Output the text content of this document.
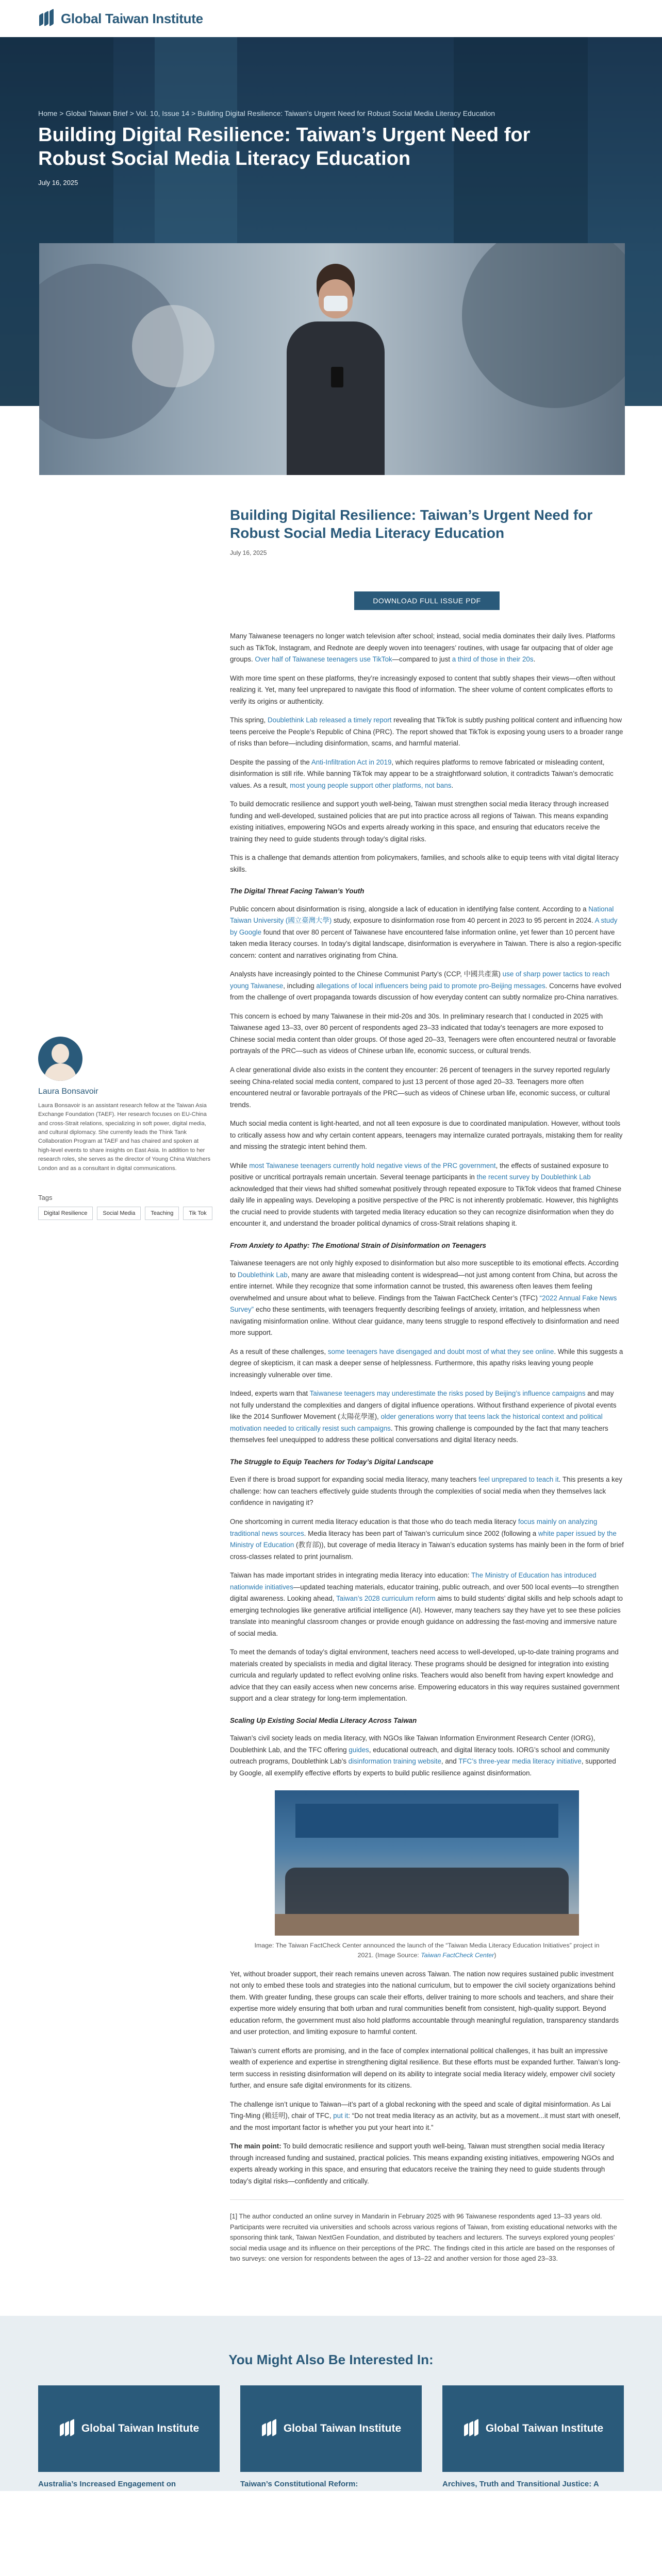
Global Taiwan Institute
Home > Global Taiwan Brief > Vol. 10, Issue 14 > Building Digital Resilience: Taiwan’s Urgent Need for Robust Social Media Literacy Education
Building Digital Resilience: Taiwan’s Urgent Need for Robust Social Media Literacy Education
July 16, 2025
Laura Bonsavoir

Laura Bonsavoir is an assistant research fellow at the Taiwan Asia Exchange Foundation (TAEF). Her research focuses on EU-China and cross-Strait relations, specializing in soft power, digital media, and cultural diplomacy. She currently leads the Think Tank Collaboration Program at TAEF and has chaired and spoken at high-level events to share insights on East Asia. In addition to her research roles, she serves as the director of Young China Watchers London and as a consultant in digital communications.

Tags
Digital Resilience	Social Media	Teaching	Tik Tok
Building Digital Resilience: Taiwan’s Urgent Need for Robust Social Media Literacy Education
July 16, 2025
DOWNLOAD FULL ISSUE PDF

Many Taiwanese teenagers no longer watch television after school; instead, social media dominates their daily lives. Platforms such as TikTok, Instagram, and Rednote are deeply woven into teenagers’ routines, with usage far outpacing that of older age groups. Over half of Taiwanese teenagers use TikTok—compared to just a third of those in their 20s.

With more time spent on these platforms, they’re increasingly exposed to content that subtly shapes their views—often without realizing it. Yet, many feel unprepared to navigate this flood of information. The sheer volume of content complicates efforts to verify its origins or authenticity.

This spring, Doublethink Lab released a timely report revealing that TikTok is subtly pushing political content and influencing how teens perceive the People’s Republic of China (PRC). The report showed that TikTok is exposing young users to a broader range of risks than before—including disinformation, scams, and harmful material.

Despite the passing of the Anti-Infiltration Act in 2019, which requires platforms to remove fabricated or misleading content, disinformation is still rife. While banning TikTok may appear to be a straightforward solution, it contradicts Taiwan’s democratic values. As a result, most young people support other platforms, not bans.

To build democratic resilience and support youth well-being, Taiwan must strengthen social media literacy through increased funding and well-developed, sustained policies that are put into practice across all regions of Taiwan. This means expanding existing initiatives, empowering NGOs and experts already working in this space, and ensuring that educators receive the training they need to guide students through today’s digital risks.

This is a challenge that demands attention from policymakers, families, and schools alike to equip teens with vital digital literacy skills.

The Digital Threat Facing Taiwan’s Youth

Public concern about disinformation is rising, alongside a lack of education in identifying false content. According to a National Taiwan University (國立臺灣大學) study, exposure to disinformation rose from 40 percent in 2023 to 95 percent in 2024. A study by Google found that over 80 percent of Taiwanese have encountered false information online, yet fewer than 10 percent have taken media literacy courses. In today’s digital landscape, disinformation is everywhere in Taiwan. There is also a region-specific concern: content and narratives originating from China.

Analysts have increasingly pointed to the Chinese Communist Party’s (CCP, 中國共產黨) use of sharp power tactics to reach young Taiwanese, including allegations of local influencers being paid to promote pro-Beijing messages. Concerns have evolved from the challenge of overt propaganda towards discussion of how everyday content can subtly normalize pro-China narratives.

This concern is echoed by many Taiwanese in their mid-20s and 30s. In preliminary research that I conducted in 2025 with Taiwanese aged 13–33, over 80 percent of respondents aged 23–33 indicated that today’s teenagers are more exposed to Chinese social media content than older groups. Of those aged 20–33, Teenagers were often encountered neutral or favorable portrayals of the PRC—such as videos of Chinese urban life, economic success, or cultural trends.

A clear generational divide also exists in the content they encounter: 26 percent of teenagers in the survey reported regularly seeing China-related social media content, compared to just 13 percent of those aged 20–33. Teenagers more often encountered neutral or favorable portrayals of the PRC—such as videos of Chinese urban life, economic success, or cultural trends.

Much social media content is light-hearted, and not all teen exposure is due to coordinated manipulation. However, without tools to critically assess how and why certain content appears, teenagers may internalize curated portrayals, mistaking them for reality and missing the strategic intent behind them.

While most Taiwanese teenagers currently hold negative views of the PRC government, the effects of sustained exposure to positive or uncritical portrayals remain uncertain. Several teenage participants in the recent survey by Doublethink Lab acknowledged that their views had shifted somewhat positively through repeated exposure to TikTok videos that framed Chinese daily life in appealing ways. Developing a positive perspective of the PRC is not inherently problematic. However, this highlights the crucial need to provide students with targeted media literacy education so they can recognize disinformation when they do encounter it, and understand the broader political dynamics of cross-Strait relations shaping it.

From Anxiety to Apathy: The Emotional Strain of Disinformation on Teenagers

Taiwanese teenagers are not only highly exposed to disinformation but also more susceptible to its emotional effects. According to Doublethink Lab, many are aware that misleading content is widespread—not just among content from China, but across the entire internet. While they recognize that some information cannot be trusted, this awareness often leaves them feeling overwhelmed and unsure about what to believe. Findings from the Taiwan FactCheck Center’s (TFC) “2022 Annual Fake News Survey” echo these sentiments, with teenagers frequently describing feelings of anxiety, irritation, and helplessness when navigating misinformation online. Without clear guidance, many teens struggle to respond effectively to disinformation and need more support.

As a result of these challenges, some teenagers have disengaged and doubt most of what they see online. While this suggests a degree of skepticism, it can mask a deeper sense of helplessness. Furthermore, this apathy risks leaving young people increasingly vulnerable over time.

Indeed, experts warn that Taiwanese teenagers may underestimate the risks posed by Beijing’s influence campaigns and may not fully understand the complexities and dangers of digital influence operations. Without firsthand experience of pivotal events like the 2014 Sunflower Movement (太陽花學運), older generations worry that teens lack the historical context and political motivation needed to critically resist such campaigns. This growing challenge is compounded by the fact that many teachers themselves feel unequipped to address these political conversations and digital literacy needs.

The Struggle to Equip Teachers for Today’s Digital Landscape

Even if there is broad support for expanding social media literacy, many teachers feel unprepared to teach it. This presents a key challenge: how can teachers effectively guide students through the complexities of social media when they themselves lack confidence in navigating it?

One shortcoming in current media literacy education is that those who do teach media literacy focus mainly on analyzing traditional news sources. Media literacy has been part of Taiwan’s curriculum since 2002 (following a white paper issued by the Ministry of Education (教育部)), but coverage of media literacy in Taiwan’s education systems has mainly been in the form of brief cross-classes related to print journalism.

Taiwan has made important strides in integrating media literacy into education: The Ministry of Education has introduced nationwide initiatives—updated teaching materials, educator training, public outreach, and over 500 local events—to strengthen digital awareness. Looking ahead, Taiwan’s 2028 curriculum reform aims to build students’ digital skills and help schools adapt to emerging technologies like generative artificial intelligence (AI). However, many teachers say they have yet to see these policies translate into meaningful classroom changes or provide enough guidance on addressing the fast-moving and immersive nature of social media.

To meet the demands of today’s digital environment, teachers need access to well-developed, up-to-date training programs and materials created by specialists in media and digital literacy. These programs should be designed for integration into existing curricula and regularly updated to reflect evolving online risks. Teachers would also benefit from having expert knowledge and advice that they can easily access when new concerns arise. Empowering educators in this way requires sustained government support and a clear strategy for long-term implementation.

Scaling Up Existing Social Media Literacy Across Taiwan

Taiwan’s civil society leads on media literacy, with NGOs like Taiwan Information Environment Research Center (IORG), Doublethink Lab, and the TFC offering guides, educational outreach, and digital literacy tools. IORG’s school and community outreach programs, Doublethink Lab’s disinformation training website, and TFC’s three-year media literacy initiative, supported by Google, all exemplify effective efforts by experts to build public resilience against disinformation.

Image: The Taiwan FactCheck Center announced the launch of the “Taiwan Media Literacy Education Initiatives” project in 2021. (Image Source: Taiwan FactCheck Center)

Yet, without broader support, their reach remains uneven across Taiwan. The nation now requires sustained public investment not only to embed these tools and strategies into the national curriculum, but to empower the civil society organizations behind them. With greater funding, these groups can scale their efforts, deliver training to more schools and teachers, and share their expertise more widely ensuring that both urban and rural communities benefit from consistent, high-quality support. Beyond education reform, the government must also hold platforms accountable through meaningful regulation, transparency standards and user protection, and limiting exposure to harmful content.

Taiwan’s current efforts are promising, and in the face of complex international political challenges, it has built an impressive wealth of experience and expertise in strengthening digital resilience. But these efforts must be expanded further. Taiwan’s long-term success in resisting disinformation will depend on its ability to integrate social media literacy widely, empower civil society further, and ensure safe digital environments for its citizens.

The challenge isn’t unique to Taiwan—it’s part of a global reckoning with the speed and scale of digital misinformation. As Lai Ting-Ming (賴廷明), chair of TFC, put it: “Do not treat media literacy as an activity, but as a movement...it must start with oneself, and the most important factor is whether you put your heart into it.”

The main point: To build democratic resilience and support youth well-being, Taiwan must strengthen social media literacy through increased funding and sustained, practical policies. This means expanding existing initiatives, empowering NGOs and experts already working in this space, and ensuring that educators receive the training they need to guide students through today’s digital risks—confidently and critically.

[1] The author conducted an online survey in Mandarin in February 2025 with 96 Taiwanese respondents aged 13–33 years old. Participants were recruited via universities and schools across various regions of Taiwan, from existing educational networks with the sponsoring think tank, Taiwan NextGen Foundation, and distributed by teachers and lecturers. The surveys explored young peoples’ social media usage and its influence on their perceptions of the PRC. The findings cited in this article are based on the responses of two surveys: one version for respondents between the ages of 13–22 and another version for those aged 23–33.
You Might Also Be Interested In:
Global Taiwan Institute
Australia’s Increased Engagement on
Global Taiwan Institute
Taiwan’s Constitutional Reform:
Global Taiwan Institute
Archives, Truth and Transitional Justice: A
